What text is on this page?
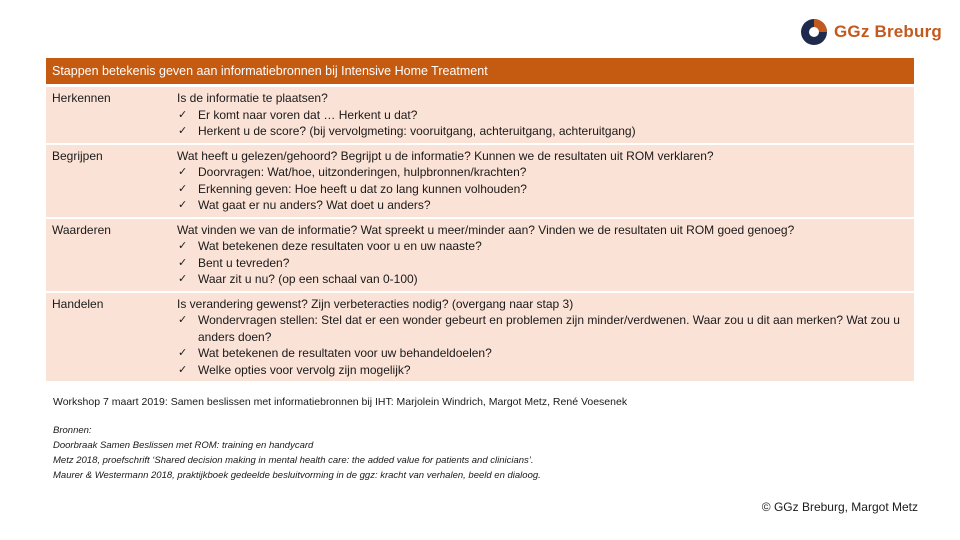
GGz Breburg
Stappen betekenis geven aan informatiebronnen bij Intensive Home Treatment
Herkennen	Is de informatie te plaatsen?
✓ Er komt naar voren dat … Herkent u dat?
✓ Herkent u de score? (bij vervolgmeting: vooruitgang, achteruitgang, achteruitgang)
Begrijpen	Wat heeft u gelezen/gehoord? Begrijpt u de informatie? Kunnen we de resultaten uit ROM verklaren?
✓ Doorvragen: Wat/hoe, uitzonderingen, hulpbronnen/krachten?
✓ Erkenning geven: Hoe heeft u dat zo lang kunnen volhouden?
✓ Wat gaat er nu anders? Wat doet u anders?
Waarderen	Wat vinden we van de informatie? Wat spreekt u meer/minder aan? Vinden we de resultaten uit ROM goed genoeg?
✓ Wat betekenen deze resultaten voor u en uw naaste?
✓ Bent u tevreden?
✓ Waar zit u nu? (op een schaal van 0-100)
Handelen	Is verandering gewenst? Zijn verbeteracties nodig? (overgang naar stap 3)
✓ Wondervragen stellen: Stel dat er een wonder gebeurt en problemen zijn minder/verdwenen. Waar zou u dit aan merken? Wat zou u anders doen?
✓ Wat betekenen de resultaten voor uw behandeldoelen?
✓ Welke opties voor vervolg zijn mogelijk?
Workshop 7 maart 2019: Samen beslissen met informatiebronnen bij IHT: Marjolein Windrich, Margot Metz, René Voesenek
Bronnen:
Doorbraak Samen Beslissen met ROM: training en handycard
Metz 2018, proefschrift ‘Shared decision making in mental health care: the added value for patients and clinicians’.
Maurer & Westermann 2018, praktijkboek gedeelde besluitvorming in de ggz: kracht van verhalen, beeld en dialoog.
© GGz Breburg, Margot Metz
